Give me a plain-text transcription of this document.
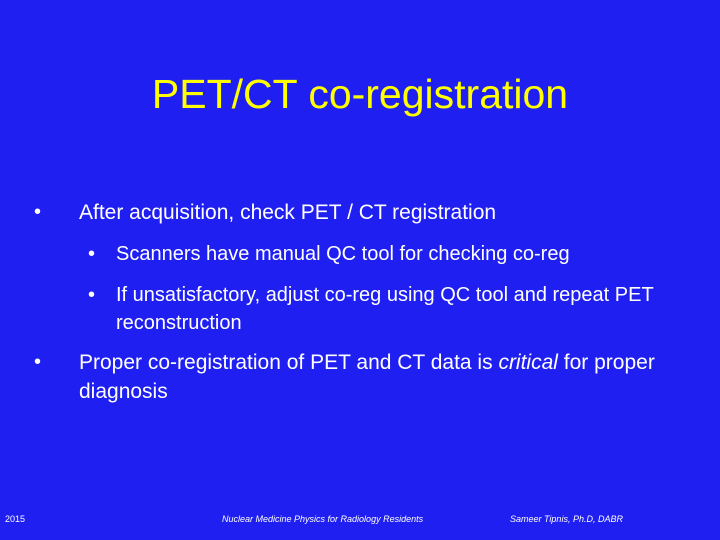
PET/CT co-registration
• After acquisition, check PET / CT registration
• Scanners have manual QC tool for checking co-reg
• If unsatisfactory, adjust co-reg using QC tool and repeat PET reconstruction
• Proper co-registration of PET and CT data is critical for proper diagnosis
2015	Nuclear Medicine Physics for Radiology Residents	Sameer Tipnis, Ph.D, DABR
